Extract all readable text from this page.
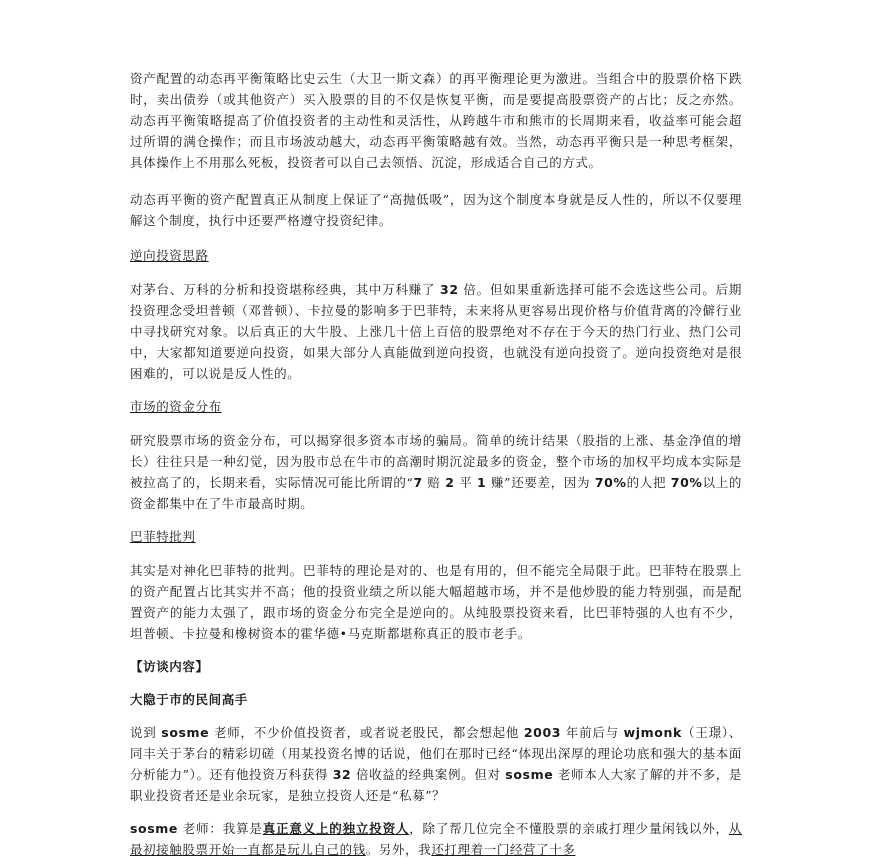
资产配置的动态再平衡策略比史云生（大卫一斯文森）的再平衡理论更为激进。当组合中的股票价格下跌时，卖出债券（或其他资产）买入股票的目的不仅是恢复平衡，而是要提高股票资产的占比；反之亦然。动态再平衡策略提高了价值投资者的主动性和灵活性，从跨越牛市和熊市的长周期来看，收益率可能会超过所谓的满仓操作；而且市场波动越大，动态再平衡策略越有效。当然，动态再平衡只是一种思考框架，具体操作上不用那么死板，投资者可以自己去领悟、沉淀，形成适合自己的方式。

动态再平衡的资产配置真正从制度上保证了“高抛低吸”，因为这个制度本身就是反人性的，所以不仅要理解这个制度，执行中还要严格遵守投资纪律。

逆向投资思路

对茅台、万科的分析和投资堪称经典，其中万科赚了 32 倍。但如果重新选择可能不会选这些公司。后期投资理念受坦普顿（邓普顿）、卡拉曼的影响多于巴菲特，未来将从更容易出现价格与价值背离的冷僻行业中寻找研究对象。以后真正的大牛股、上涨几十倍上百倍的股票绝对不存在于今天的热门行业、热门公司中，大家都知道要逆向投资，如果大部分人真能做到逆向投资，也就没有逆向投资了。逆向投资绝对是很困难的，可以说是反人性的。

市场的资金分布

研究股票市场的资金分布，可以揭穿很多资本市场的骗局。简单的统计结果（股指的上涨、基金净值的增长）往往只是一种幻觉，因为股市总在牛市的高潮时期沉淀最多的资金，整个市场的加权平均成本实际是被拉高了的，长期来看，实际情况可能比所谓的“7 赔 2 平 1 赚”还要差，因为 70%的人把 70%以上的资金都集中在了牛市最高时期。

巴菲特批判

其实是对神化巴菲特的批判。巴菲特的理论是对的、也是有用的，但不能完全局限于此。巴菲特在股票上的资产配置占比其实并不高；他的投资业绩之所以能大幅超越市场，并不是他炒股的能力特别强，而是配置资产的能力太强了，跟市场的资金分布完全是逆向的。从纯股票投资来看，比巴菲特强的人也有不少，坦普顿、卡拉曼和橡树资本的霍华德•马克斯都堪称真正的股市老手。

【访谈内容】
大隐于市的民间高手

说到 sosme 老师，不少价值投资者，或者说老股民，都会想起他 2003 年前后与 wjmonk（王璟）、同丰关于茅台的精彩切磋（用某投资名博的话说，他们在那时已经“体现出深厚的理论功底和强大的基本面分析能力”）。还有他投资万科获得 32 倍收益的经典案例。但对 sosme 老师本人大家了解的并不多，是职业投资者还是业余玩家，是独立投资人还是“私募”？

sosme 老师：我算是真正意义上的独立投资人，除了帮几位完全不懂股票的亲戚打理少量闲钱以外，从最初接触股票开始一直都是玩儿自己的钱。另外，我还打理着一门经营了十多
